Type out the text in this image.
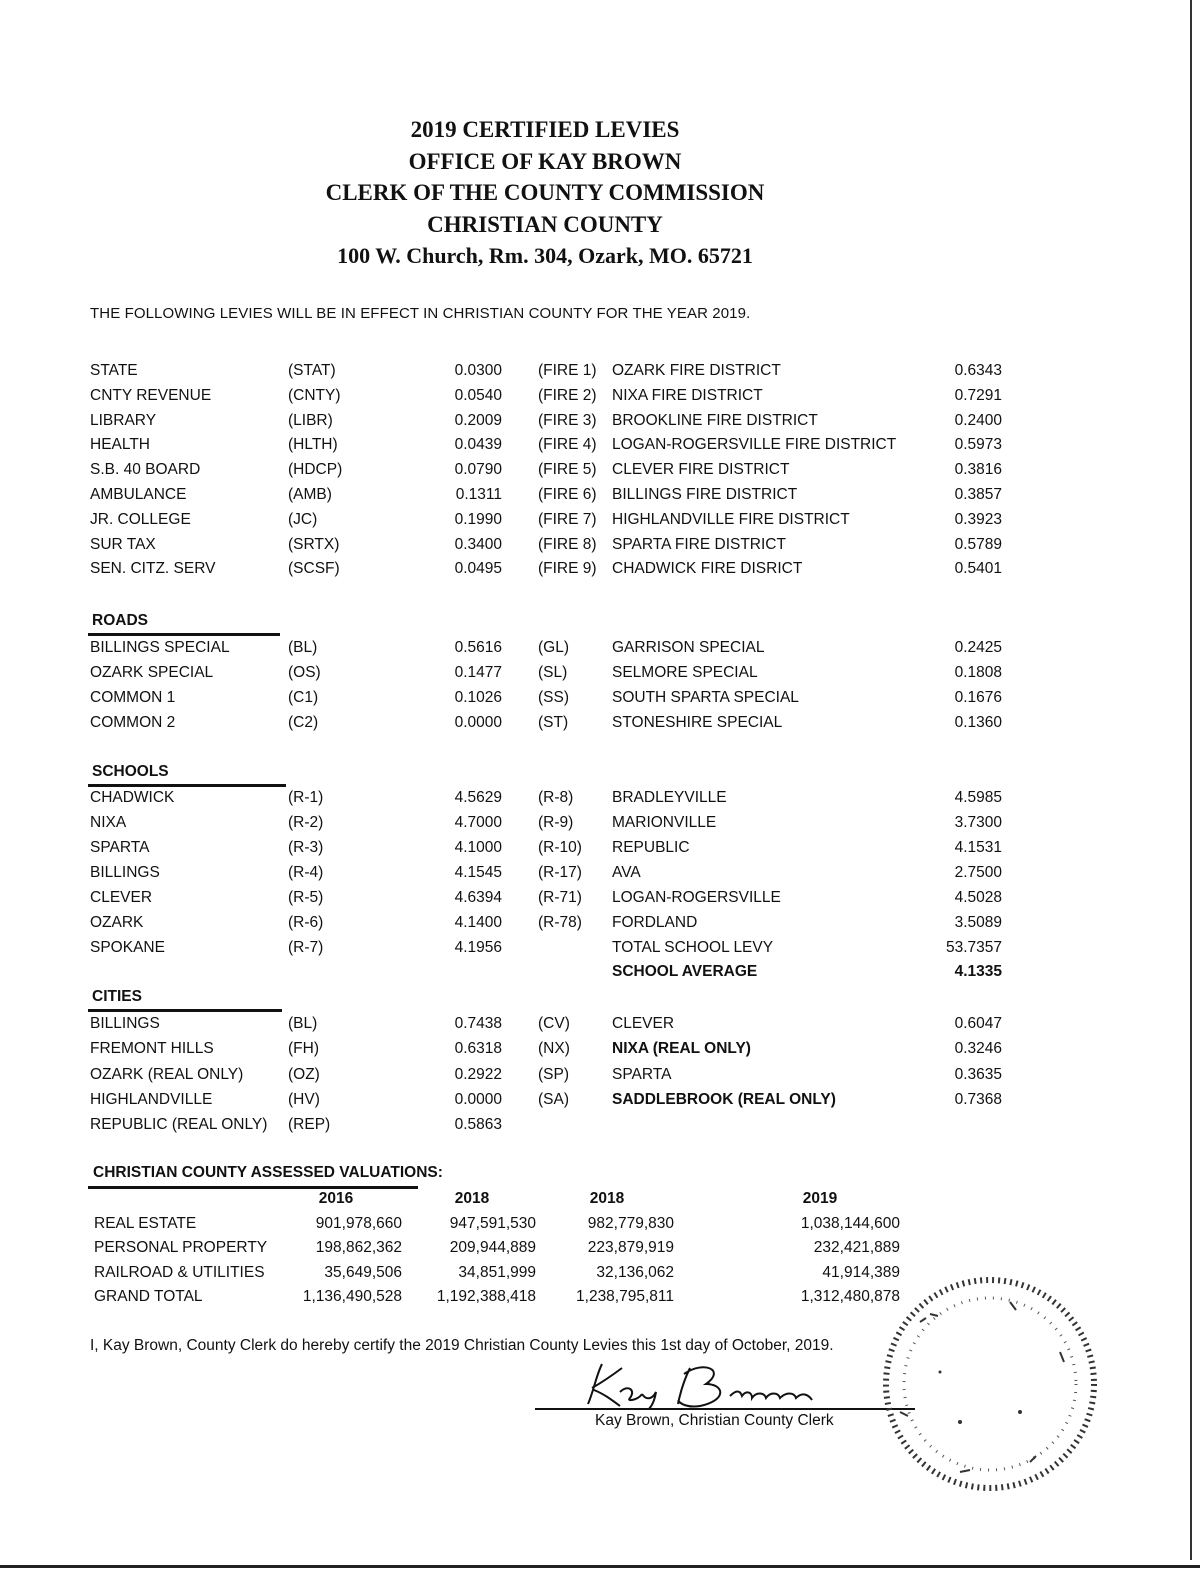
2019 CERTIFIED LEVIES
OFFICE OF KAY BROWN
CLERK OF THE COUNTY COMMISSION
CHRISTIAN COUNTY
100 W. Church, Rm. 304, Ozark, MO. 65721
THE FOLLOWING LEVIES WILL BE IN EFFECT IN CHRISTIAN COUNTY FOR THE YEAR 2019.
STATE	(STAT)	0.0300 (FIRE 1) OZARK FIRE DISTRICT	0.6343
CNTY REVENUE	(CNTY)	0.0540 (FIRE 2) NIXA FIRE DISTRICT	0.7291
LIBRARY	(LIBR)	0.2009 (FIRE 3) BROOKLINE FIRE DISTRICT	0.2400
HEALTH	(HLTH)	0.0439 (FIRE 4) LOGAN-ROGERSVILLE FIRE DISTRICT	0.5973
S.B. 40 BOARD	(HDCP)	0.0790 (FIRE 5) CLEVER FIRE DISTRICT	0.3816
AMBULANCE	(AMB)	0.1311 (FIRE 6) BILLINGS FIRE DISTRICT	0.3857
JR. COLLEGE	(JC)	0.1990 (FIRE 7) HIGHLANDVILLE FIRE DISTRICT	0.3923
SUR TAX	(SRTX)	0.3400 (FIRE 8) SPARTA FIRE DISTRICT	0.5789
SEN. CITZ. SERV	(SCSF)	0.0495 (FIRE 9) CHADWICK FIRE DISRICT	0.5401
ROADS
BILLINGS SPECIAL	(BL)	0.5616 (GL)	GARRISON SPECIAL	0.2425
OZARK SPECIAL	(OS)	0.1477 (SL)	SELMORE SPECIAL	0.1808
COMMON 1	(C1)	0.1026 (SS)	SOUTH SPARTA SPECIAL	0.1676
COMMON 2	(C2)	0.0000 (ST)	STONESHIRE SPECIAL	0.1360
SCHOOLS
CHADWICK	(R-1)	4.5629 (R-8) BRADLEYVILLE	4.5985
NIXA	(R-2)	4.7000 (R-9) MARIONVILLE	3.7300
SPARTA	(R-3)	4.1000 (R-10) REPUBLIC	4.1531
BILLINGS	(R-4)	4.1545 (R-17) AVA	2.7500
CLEVER	(R-5)	4.6394 (R-71) LOGAN-ROGERSVILLE	4.5028
OZARK	(R-6)	4.1400 (R-78) FORDLAND	3.5089
SPOKANE	(R-7)	4.1956	TOTAL SCHOOL LEVY	53.7357
SCHOOL AVERAGE	4.1335
CITIES
BILLINGS	(BL)	0.7438 (CV)	CLEVER	0.6047
FREMONT HILLS	(FH)	0.6318 (NX)	NIXA (REAL ONLY)	0.3246
OZARK (REAL ONLY)	(OZ)	0.2922 (SP)	SPARTA	0.3635
HIGHLANDVILLE	(HV)	0.0000 (SA)	SADDLEBROOK (REAL ONLY)	0.7368
REPUBLIC (REAL ONLY) (REP)	0.5863
CHRISTIAN COUNTY ASSESSED VALUATIONS:
2016	2018	2018	2019
REAL ESTATE	901,978,660	947,591,530	982,779,830	1,038,144,600
PERSONAL PROPERTY	198,862,362	209,944,889	223,879,919	232,421,889
RAILROAD & UTILITIES	35,649,506	34,851,999	32,136,062	41,914,389
GRAND TOTAL	1,136,490,528	1,192,388,418	1,238,795,811	1,312,480,878
I, Kay Brown, County Clerk do hereby certify the 2019 Christian County Levies this 1st day of October, 2019.
Kay Brown, Christian County Clerk
